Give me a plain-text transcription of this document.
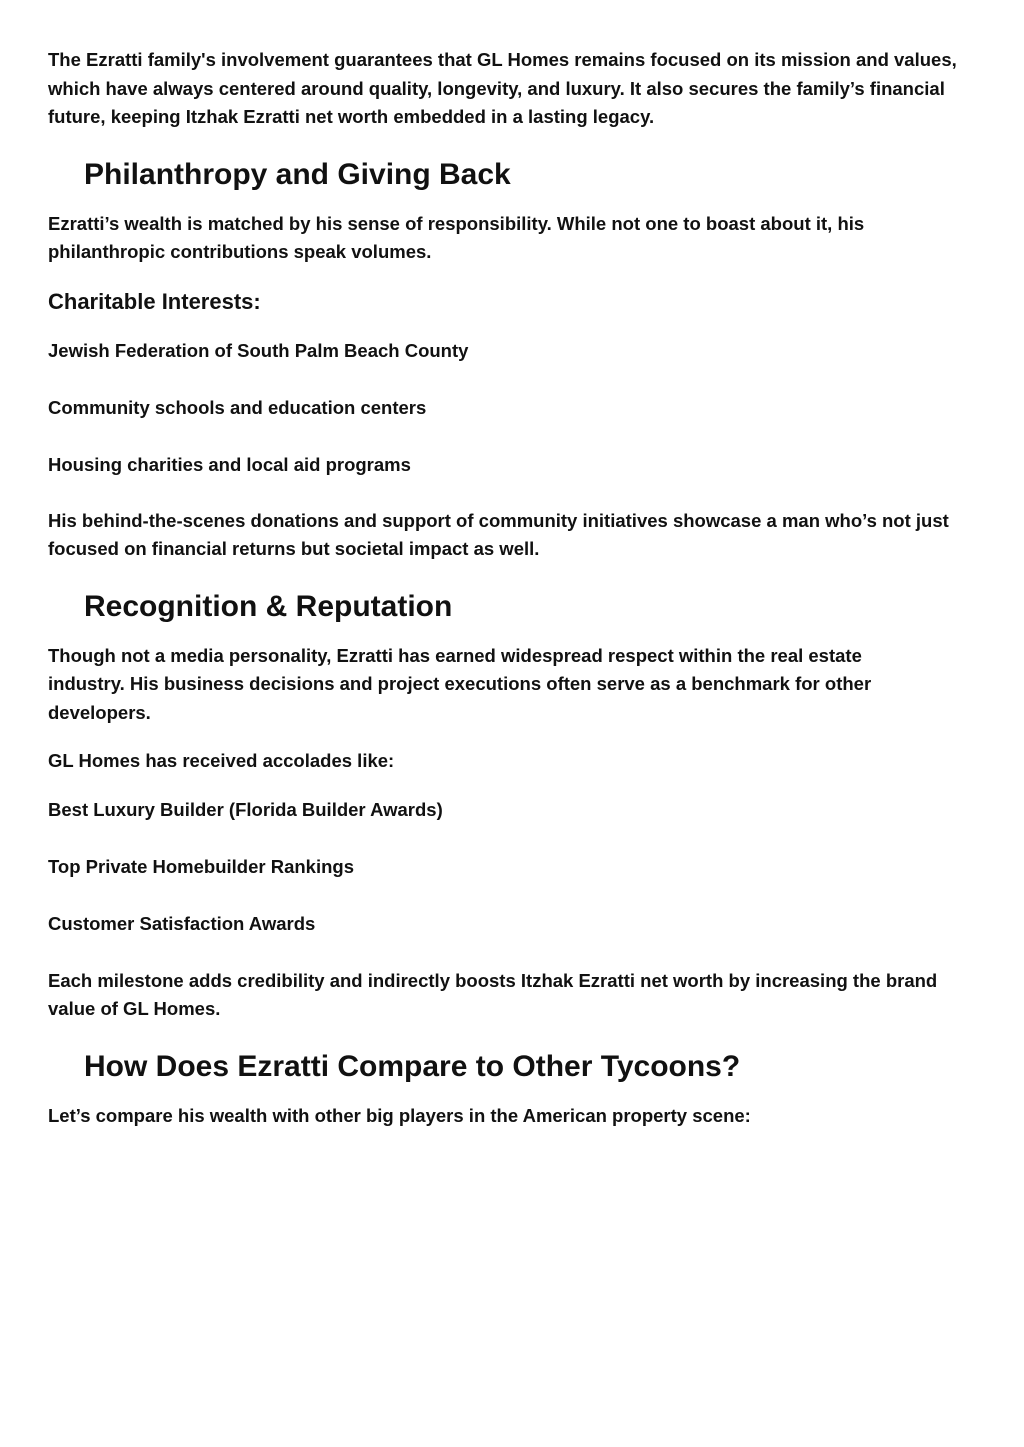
The Ezratti family's involvement guarantees that GL Homes remains focused on its mission and values, which have always centered around quality, longevity, and luxury. It also secures the family’s financial future, keeping Itzhak Ezratti net worth embedded in a lasting legacy.

Philanthropy and Giving Back

Ezratti’s wealth is matched by his sense of responsibility. While not one to boast about it, his philanthropic contributions speak volumes.

Charitable Interests:
Jewish Federation of South Palm Beach County
Community schools and education centers
Housing charities and local aid programs

His behind-the-scenes donations and support of community initiatives showcase a man who’s not just focused on financial returns but societal impact as well.

Recognition & Reputation

Though not a media personality, Ezratti has earned widespread respect within the real estate industry. His business decisions and project executions often serve as a benchmark for other developers.

GL Homes has received accolades like:

Best Luxury Builder (Florida Builder Awards)
Top Private Homebuilder Rankings
Customer Satisfaction Awards

Each milestone adds credibility and indirectly boosts Itzhak Ezratti net worth by increasing the brand value of GL Homes.

How Does Ezratti Compare to Other Tycoons?

Let’s compare his wealth with other big players in the American property scene:
